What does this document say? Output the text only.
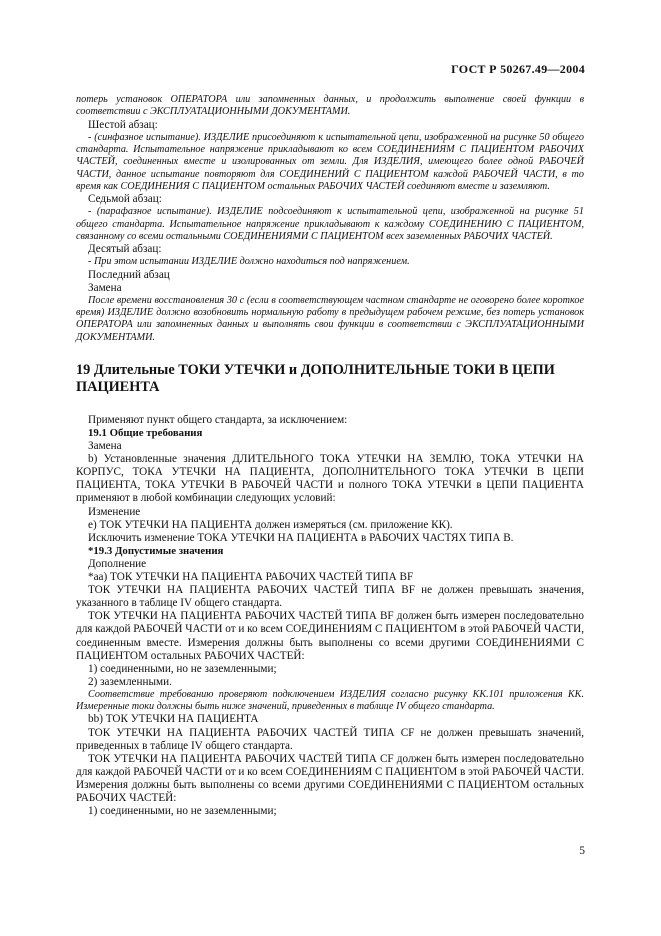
ГОСТ Р 50267.49—2004

потерь установок ОПЕРАТОРА или запомненных данных, и продолжить выполнение своей функции в соответствии с ЭКСПЛУАТАЦИОННЫМИ ДОКУМЕНТАМИ.

Шестой абзац:

- (синфазное испытание). ИЗДЕЛИЕ присоединяют к испытательной цепи, изображенной на рисунке 50 общего стандарта. Испытательное напряжение прикладывают ко всем СОЕДИНЕНИЯМ С ПАЦИЕНТОМ РАБОЧИХ ЧАСТЕЙ, соединенных вместе и изолированных от земли. Для ИЗДЕЛИЯ, имеющего более одной РАБОЧЕЙ ЧАСТИ, данное испытание повторяют для СОЕДИНЕНИЙ С ПАЦИЕНТОМ каждой РАБОЧЕЙ ЧАСТИ, в то время как СОЕДИНЕНИЯ С ПАЦИЕНТОМ остальных РАБОЧИХ ЧАСТЕЙ соединяют вместе и заземляют.

Седьмой абзац:

- (парафазное испытание). ИЗДЕЛИЕ подсоединяют к испытательной цепи, изображенной на рисунке 51 общего стандарта. Испытательное напряжение прикладывают к каждому СОЕДИНЕНИЮ С ПАЦИЕНТОМ, связанному со всеми остальными СОЕДИНЕНИЯМИ С ПАЦИЕНТОМ всех заземленных РАБОЧИХ ЧАСТЕЙ.

Десятый абзац:

- При этом испытании ИЗДЕЛИЕ должно находиться под напряжением.

Последний абзац

Замена

После времени восстановления 30 с (если в соответствующем частном стандарте не оговорено более короткое время) ИЗДЕЛИЕ должно возобновить нормальную работу в предыдущем рабочем режиме, без потерь установок ОПЕРАТОРА или запомненных данных и выполнять свои функции в соответствии с ЭКСПЛУАТАЦИОННЫМИ ДОКУМЕНТАМИ.

19 Длительные ТОКИ УТЕЧКИ и ДОПОЛНИТЕЛЬНЫЕ ТОКИ В ЦЕПИ ПАЦИЕНТА

Применяют пункт общего стандарта, за исключением:

19.1 Общие требования

Замена

b) Установленные значения ДЛИТЕЛЬНОГО ТОКА УТЕЧКИ НА ЗЕМЛЮ, ТОКА УТЕЧКИ НА КОРПУС, ТОКА УТЕЧКИ НА ПАЦИЕНТА, ДОПОЛНИТЕЛЬНОГО ТОКА УТЕЧКИ В ЦЕПИ ПАЦИЕНТА, ТОКА УТЕЧКИ В РАБОЧЕЙ ЧАСТИ и полного ТОКА УТЕЧКИ в ЦЕПИ ПАЦИЕНТА применяют в любой комбинации следующих условий:

Изменение

e) ТОК УТЕЧКИ НА ПАЦИЕНТА должен измеряться (см. приложение КК).

Исключить изменение ТОКА УТЕЧКИ НА ПАЦИЕНТА в РАБОЧИХ ЧАСТЯХ ТИПА В.

*19.3 Допустимые значения

Дополнение

*aa) ТОК УТЕЧКИ НА ПАЦИЕНТА РАБОЧИХ ЧАСТЕЙ ТИПА BF

ТОК УТЕЧКИ НА ПАЦИЕНТА РАБОЧИХ ЧАСТЕЙ ТИПА BF не должен превышать значения, указанного в таблице IV общего стандарта.

ТОК УТЕЧКИ НА ПАЦИЕНТА РАБОЧИХ ЧАСТЕЙ ТИПА BF должен быть измерен последовательно для каждой РАБОЧЕЙ ЧАСТИ от и ко всем СОЕДИНЕНИЯМ С ПАЦИЕНТОМ в этой РАБОЧЕЙ ЧАСТИ, соединенным вместе. Измерения должны быть выполнены со всеми другими СОЕДИНЕНИЯМИ С ПАЦИЕНТОМ остальных РАБОЧИХ ЧАСТЕЙ:

1) соединенными, но не заземленными;

2) заземленными.

Соответствие требованию проверяют подключением ИЗДЕЛИЯ согласно рисунку КК.101 приложения КК. Измеренные токи должны быть ниже значений, приведенных в таблице IV общего стандарта.

bb) ТОК УТЕЧКИ НА ПАЦИЕНТА

ТОК УТЕЧКИ НА ПАЦИЕНТА РАБОЧИХ ЧАСТЕЙ ТИПА CF не должен превышать значений, приведенных в таблице IV общего стандарта.

ТОК УТЕЧКИ НА ПАЦИЕНТА РАБОЧИХ ЧАСТЕЙ ТИПА CF должен быть измерен последовательно для каждой РАБОЧЕЙ ЧАСТИ от и ко всем СОЕДИНЕНИЯМ С ПАЦИЕНТОМ в этой РАБОЧЕЙ ЧАСТИ. Измерения должны быть выполнены со всеми другими СОЕДИНЕНИЯМИ С ПАЦИЕНТОМ остальных РАБОЧИХ ЧАСТЕЙ:

1) соединенными, но не заземленными;

5
